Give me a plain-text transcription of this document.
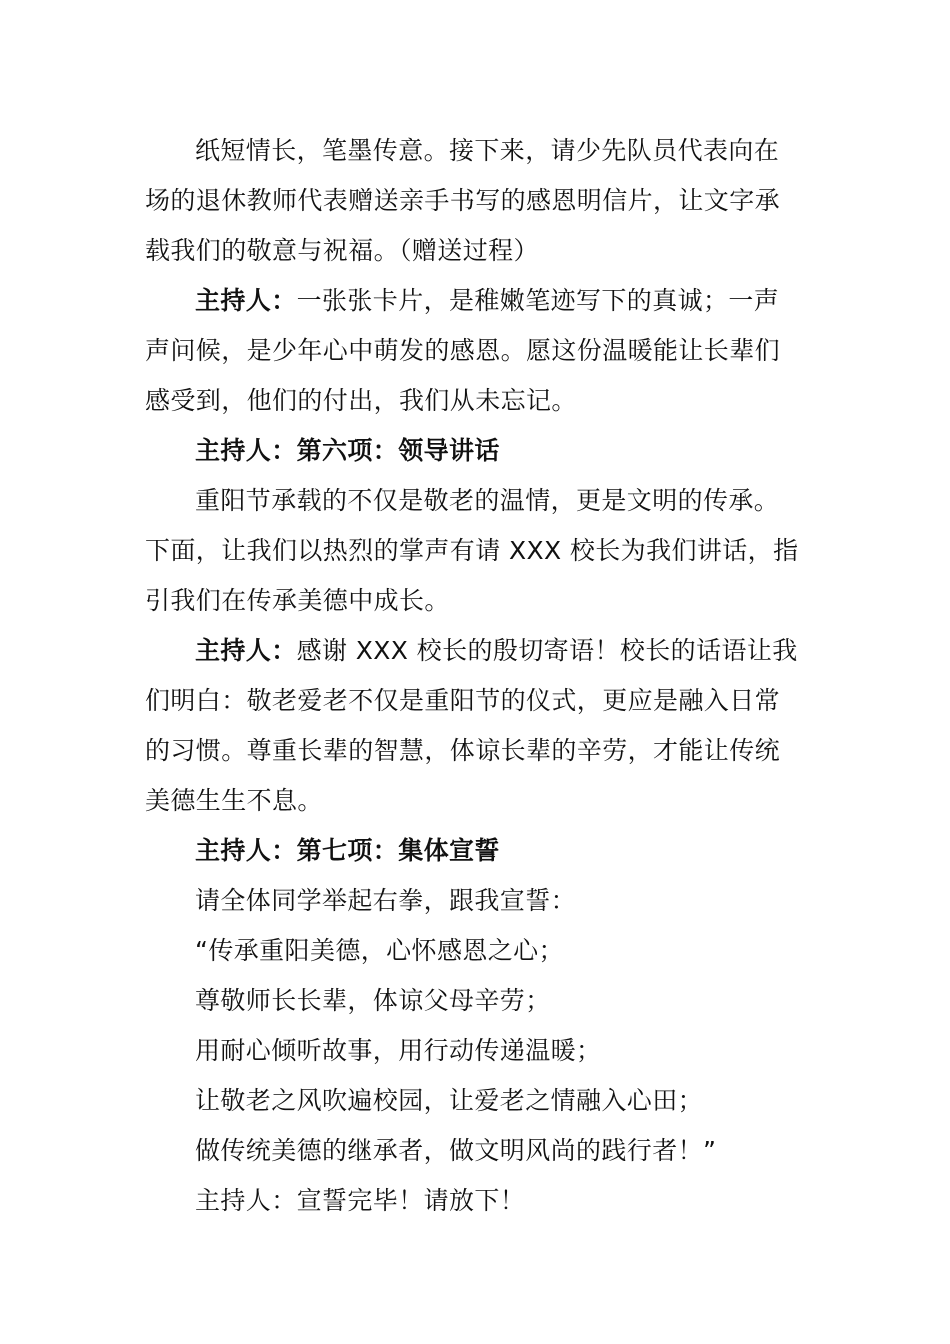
纸短情长，笔墨传意。接下来，请少先队员代表向在
场的退休教师代表赠送亲手书写的感恩明信片，让文字承
载我们的敬意与祝福。（赠送过程）
主持人：一张张卡片，是稚嫩笔迹写下的真诚；一声
声问候，是少年心中萌发的感恩。愿这份温暖能让长辈们
感受到，他们的付出，我们从未忘记。
主持人：第六项：领导讲话
重阳节承载的不仅是敬老的温情，更是文明的传承。
下面，让我们以热烈的掌声有请 XXX 校长为我们讲话，指
引我们在传承美德中成长。
主持人：感谢 XXX 校长的殷切寄语！校长的话语让我
们明白：敬老爱老不仅是重阳节的仪式，更应是融入日常
的习惯。尊重长辈的智慧，体谅长辈的辛劳，才能让传统
美德生生不息。
主持人：第七项：集体宣誓
请全体同学举起右拳，跟我宣誓：
“传承重阳美德，心怀感恩之心；
尊敬师长长辈，体谅父母辛劳；
用耐心倾听故事，用行动传递温暖；
让敬老之风吹遍校园，让爱老之情融入心田；
做传统美德的继承者，做文明风尚的践行者！”
主持人：宣誓完毕！请放下！
